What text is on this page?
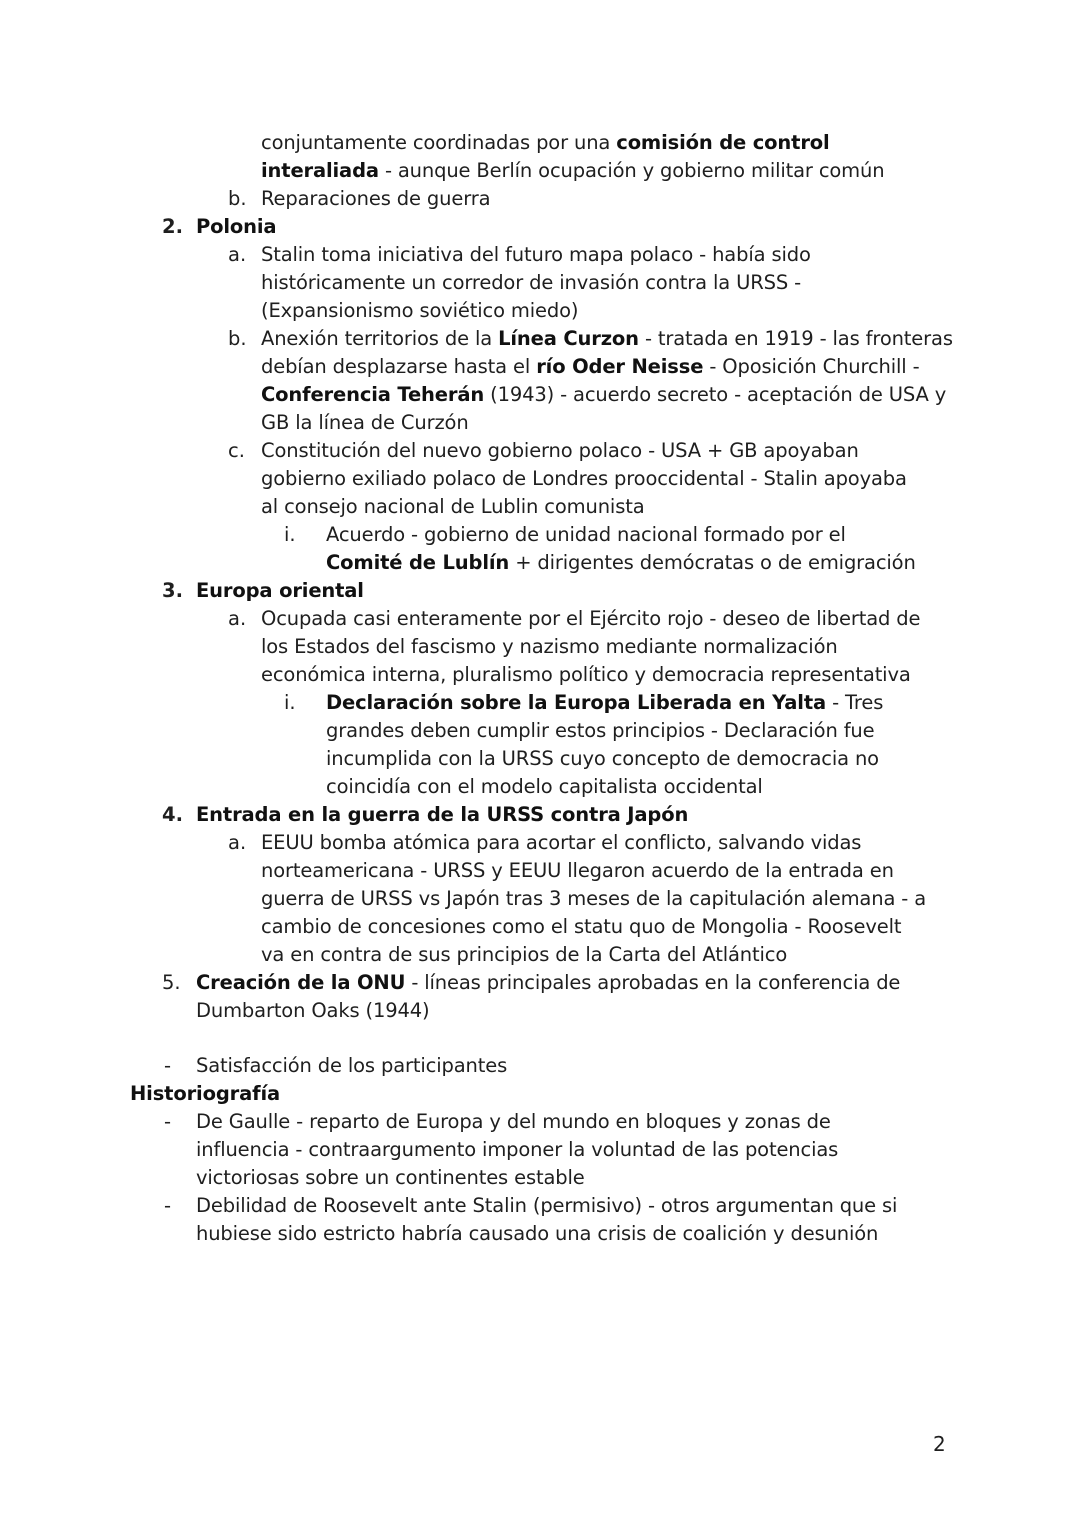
conjuntamente coordinadas por una comisión de control
interaliada - aunque Berlín ocupación y gobierno militar común
b. Reparaciones de guerra
2. Polonia
a. Stalin toma iniciativa del futuro mapa polaco - había sido
históricamente un corredor de invasión contra la URSS -
(Expansionismo soviético miedo)
b. Anexión territorios de la Línea Curzon - tratada en 1919 - las fronteras
debían desplazarse hasta el río Oder Neisse - Oposición Churchill -
Conferencia Teherán (1943) - acuerdo secreto - aceptación de USA y
GB la línea de Curzón
c. Constitución del nuevo gobierno polaco - USA + GB apoyaban
gobierno exiliado polaco de Londres prooccidental - Stalin apoyaba
al consejo nacional de Lublin comunista
i. Acuerdo - gobierno de unidad nacional formado por el
Comité de Lublín + dirigentes demócratas o de emigración
3. Europa oriental
a. Ocupada casi enteramente por el Ejército rojo - deseo de libertad de
los Estados del fascismo y nazismo mediante normalización
económica interna, pluralismo político y democracia representativa
i. Declaración sobre la Europa Liberada en Yalta - Tres
grandes deben cumplir estos principios - Declaración fue
incumplida con la URSS cuyo concepto de democracia no
coincidía con el modelo capitalista occidental
4. Entrada en la guerra de la URSS contra Japón
a. EEUU bomba atómica para acortar el conflicto, salvando vidas
norteamericana - URSS y EEUU llegaron acuerdo de la entrada en
guerra de URSS vs Japón tras 3 meses de la capitulación alemana - a
cambio de concesiones como el statu quo de Mongolia - Roosevelt
va en contra de sus principios de la Carta del Atlántico
5. Creación de la ONU - líneas principales aprobadas en la conferencia de
Dumbarton Oaks (1944)
- Satisfacción de los participantes
Historiografía
- De Gaulle - reparto de Europa y del mundo en bloques y zonas de
influencia - contraargumento imponer la voluntad de las potencias
victoriosas sobre un continentes estable
- Debilidad de Roosevelt ante Stalin (permisivo) - otros argumentan que si
hubiese sido estricto habría causado una crisis de coalición y desunión
2
